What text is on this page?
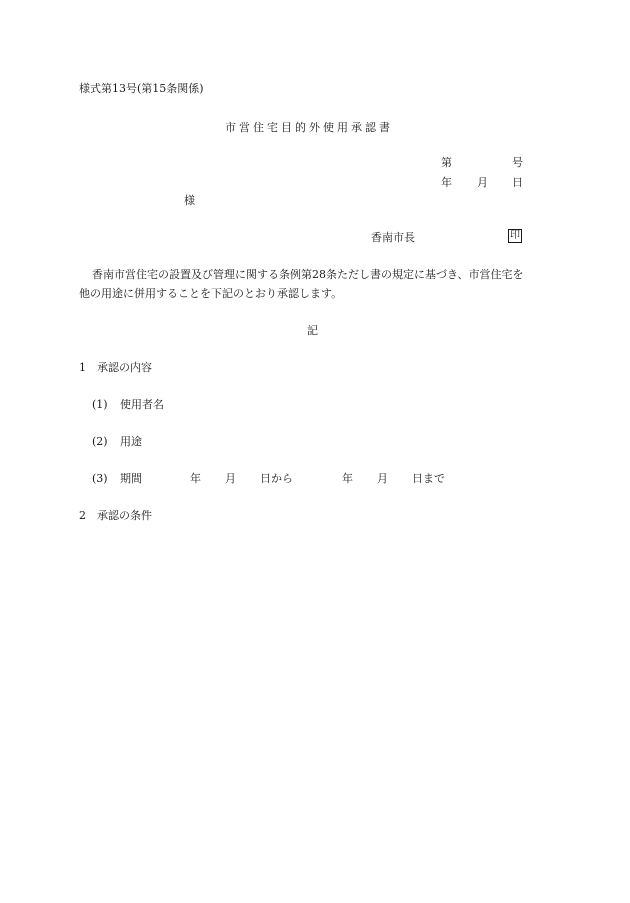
様式第13号(第15条関係)
市営住宅目的外使用承認書
第	号
年 月 日
様
香南市長	印
香南市営住宅の設置及び管理に関する条例第28条ただし書の規定に基づき、市営住宅を
他の用途に併用することを下記のとおり承認します。
記
1 承認の内容
(1) 使用者名
(2) 用途
(3) 期間	年 月 日から	年 月 日まで
2 承認の条件
